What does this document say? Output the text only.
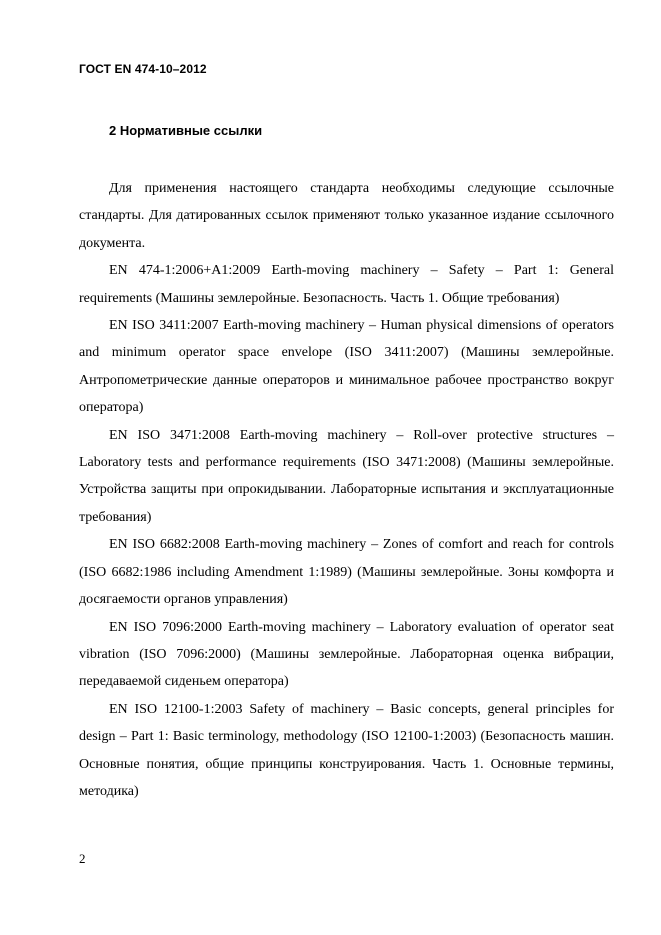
ГОСТ EN 474-10–2012
2 Нормативные ссылки

Для применения настоящего стандарта необходимы следующие ссылочные стандарты. Для датированных ссылок применяют только указанное издание ссылочного документа.

EN 474-1:2006+A1:2009 Earth-moving machinery – Safety – Part 1: General requirements (Машины землеройные. Безопасность. Часть 1. Общие требования)

EN ISO 3411:2007 Earth-moving machinery – Human physical dimensions of operators and minimum operator space envelope (ISO 3411:2007) (Машины землеройные. Антропометрические данные операторов и минимальное рабочее пространство вокруг оператора)

EN ISO 3471:2008 Earth-moving machinery – Roll-over protective structures – Laboratory tests and performance requirements (ISO 3471:2008) (Машины землеройные. Устройства защиты при опрокидывании. Лабораторные испытания и эксплуатационные требования)

EN ISO 6682:2008 Earth-moving machinery – Zones of comfort and reach for controls (ISO 6682:1986 including Amendment 1:1989) (Машины землеройные. Зоны комфорта и досягаемости органов управления)

EN ISO 7096:2000 Earth-moving machinery – Laboratory evaluation of operator seat vibration (ISO 7096:2000) (Машины землеройные. Лабораторная оценка вибрации, передаваемой сиденьем оператора)

EN ISO 12100-1:2003 Safety of machinery – Basic concepts, general principles for design – Part 1: Basic terminology, methodology (ISO 12100-1:2003) (Безопасность машин. Основные понятия, общие принципы конструирования. Часть 1. Основные термины, методика)

2
